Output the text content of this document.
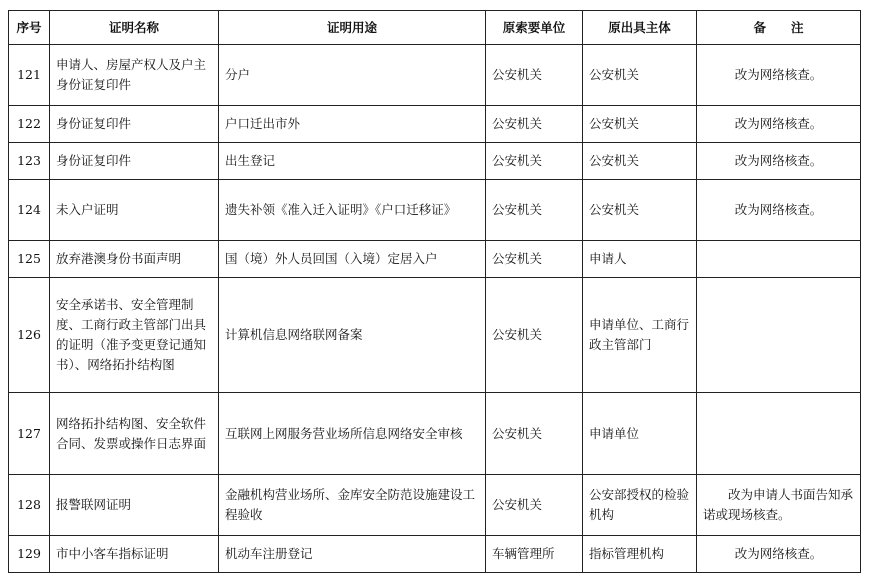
序号	证明名称	证明用途	原索要单位	原出具主体	备　　注
121	申请人、房屋产权人及户主身份证复印件	分户	公安机关	公安机关	改为网络核查。
122	身份证复印件	户口迁出市外	公安机关	公安机关	改为网络核查。
123	身份证复印件	出生登记	公安机关	公安机关	改为网络核查。
124	未入户证明	遗失补领《准入迁入证明》《户口迁移证》	公安机关	公安机关	改为网络核查。
125	放弃港澳身份书面声明	国（境）外人员回国（入境）定居入户	公安机关	申请人	
126	安全承诺书、安全管理制度、工商行政主管部门出具的证明（准予变更登记通知书）、网络拓扑结构图	计算机信息网络联网备案	公安机关	申请单位、工商行政主管部门	
127	网络拓扑结构图、安全软件合同、发票或操作日志界面	互联网上网服务营业场所信息网络安全审核	公安机关	申请单位	
128	报警联网证明	金融机构营业场所、金库安全防范设施建设工程验收	公安机关	公安部授权的检验机构	改为申请人书面告知承诺或现场核查。
129	市中小客车指标证明	机动车注册登记	车辆管理所	指标管理机构	改为网络核查。
